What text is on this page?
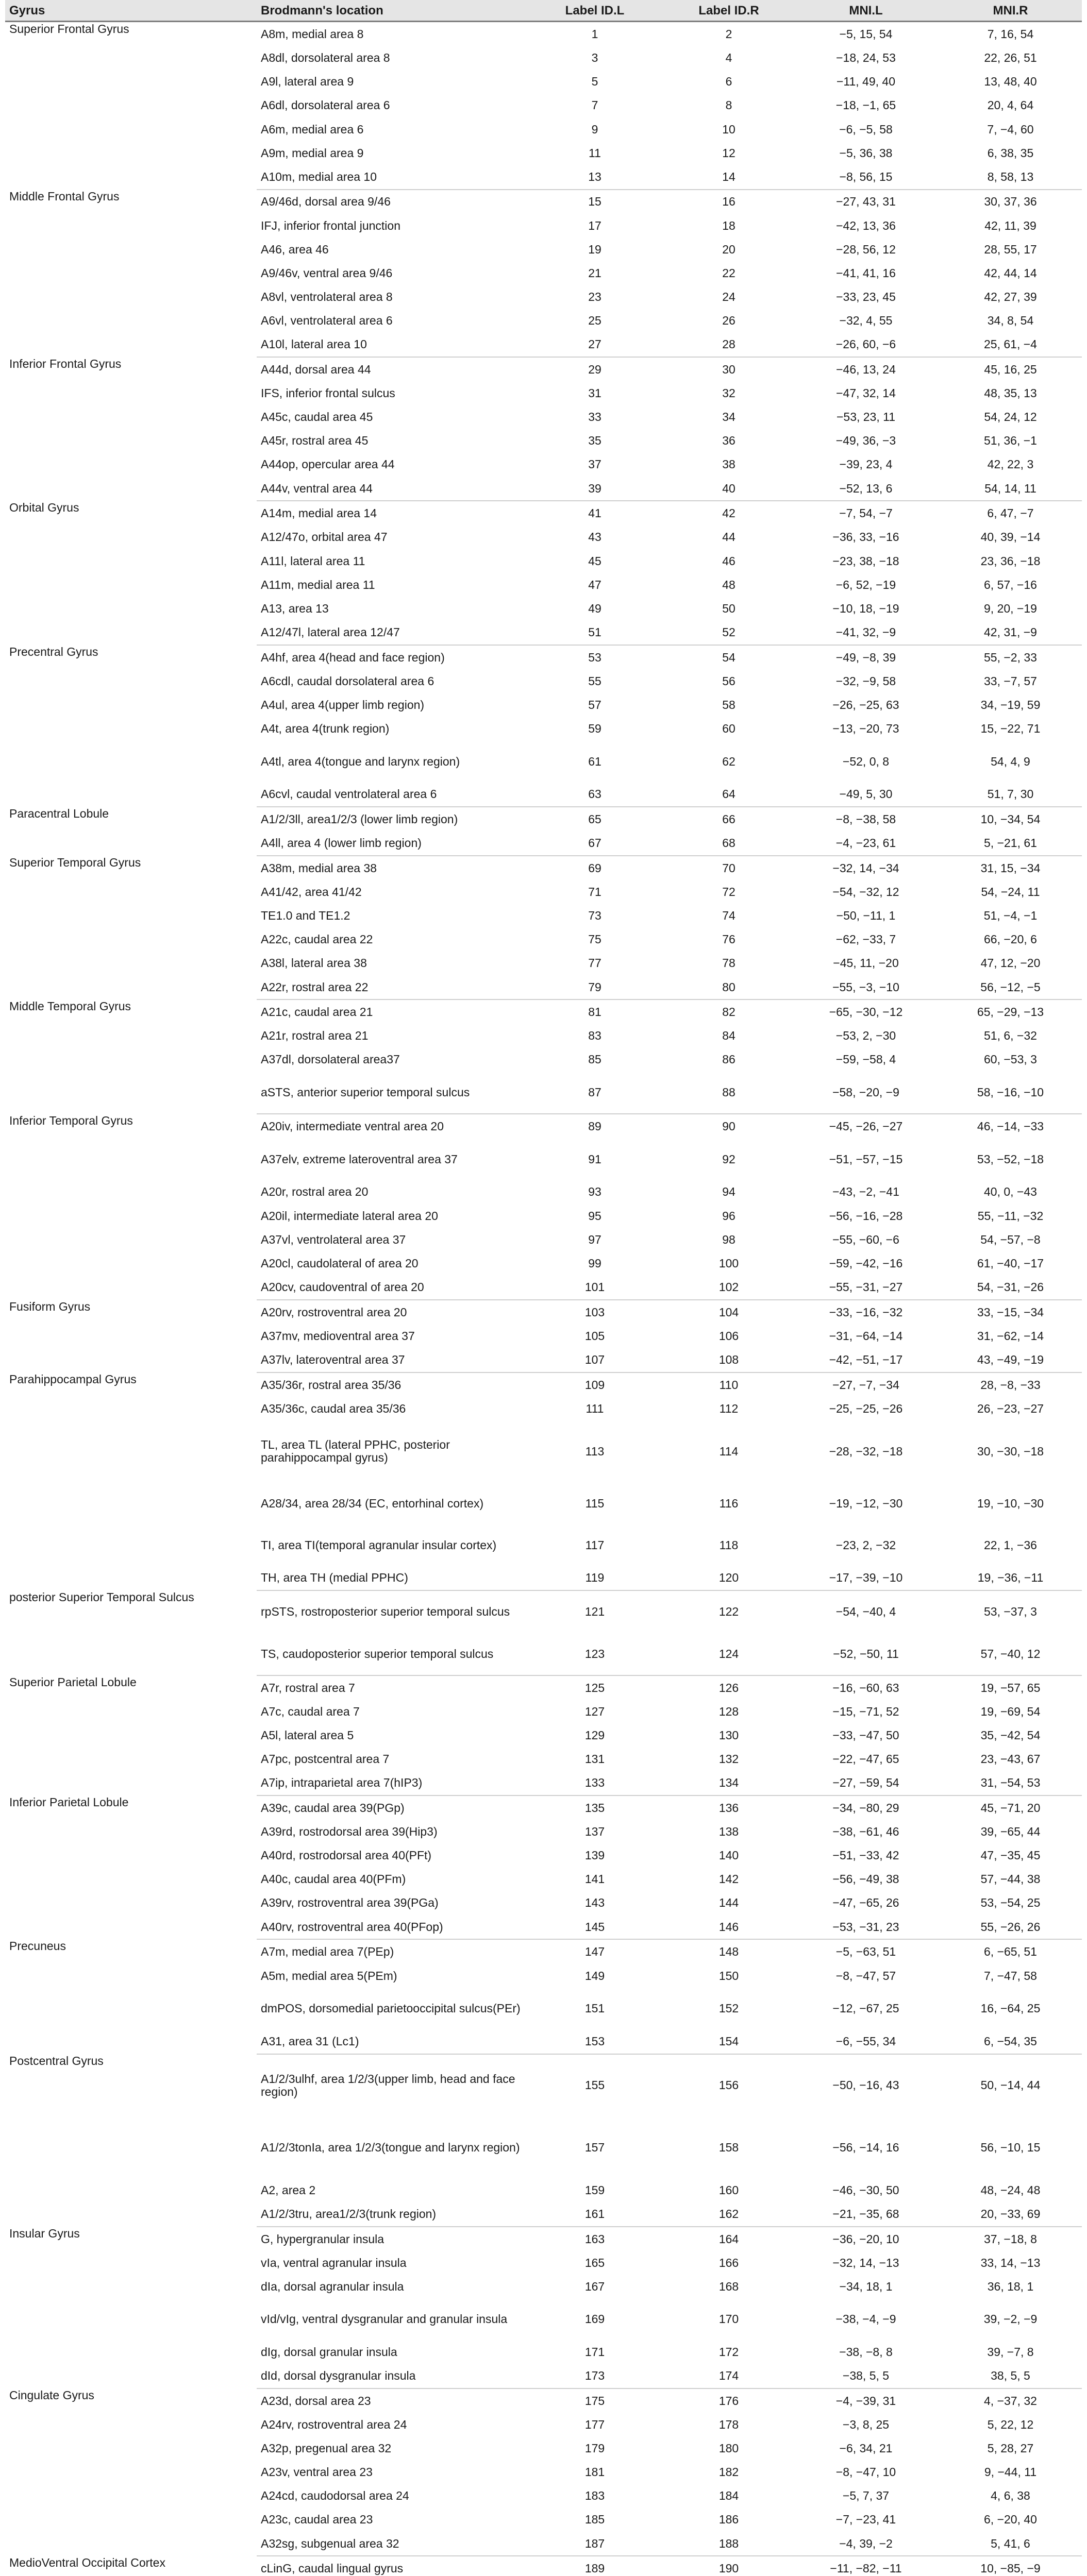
Gyrus	Brodmann's location	Label ID.L	Label ID.R	MNI.L	MNI.R
Superior Frontal Gyrus	A8m, medial area 8	1	2	−5, 15, 54	7, 16, 54
	A8dl, dorsolateral area 8	3	4	−18, 24, 53	22, 26, 51
	A9l, lateral area 9	5	6	−11, 49, 40	13, 48, 40
	A6dl, dorsolateral area 6	7	8	−18, −1, 65	20, 4, 64
	A6m, medial area 6	9	10	−6, −5, 58	7, −4, 60
	A9m, medial area 9	11	12	−5, 36, 38	6, 38, 35
	A10m, medial area 10	13	14	−8, 56, 15	8, 58, 13
Middle Frontal Gyrus	A9/46d, dorsal area 9/46	15	16	−27, 43, 31	30, 37, 36
	IFJ, inferior frontal junction	17	18	−42, 13, 36	42, 11, 39
	A46, area 46	19	20	−28, 56, 12	28, 55, 17
	A9/46v, ventral area 9/46	21	22	−41, 41, 16	42, 44, 14
	A8vl, ventrolateral area 8	23	24	−33, 23, 45	42, 27, 39
	A6vl, ventrolateral area 6	25	26	−32, 4, 55	34, 8, 54
	A10l, lateral area 10	27	28	−26, 60, −6	25, 61, −4
Inferior Frontal Gyrus	A44d, dorsal area 44	29	30	−46, 13, 24	45, 16, 25
	IFS, inferior frontal sulcus	31	32	−47, 32, 14	48, 35, 13
	A45c, caudal area 45	33	34	−53, 23, 11	54, 24, 12
	A45r, rostral area 45	35	36	−49, 36, −3	51, 36, −1
	A44op, opercular area 44	37	38	−39, 23, 4	42, 22, 3
	A44v, ventral area 44	39	40	−52, 13, 6	54, 14, 11
Orbital Gyrus	A14m, medial area 14	41	42	−7, 54, −7	6, 47, −7
	A12/47o, orbital area 47	43	44	−36, 33, −16	40, 39, −14
	A11l, lateral area 11	45	46	−23, 38, −18	23, 36, −18
	A11m, medial area 11	47	48	−6, 52, −19	6, 57, −16
	A13, area 13	49	50	−10, 18, −19	9, 20, −19
	A12/47l, lateral area 12/47	51	52	−41, 32, −9	42, 31, −9
Precentral Gyrus	A4hf, area 4(head and face region)	53	54	−49, −8, 39	55, −2, 33
	A6cdl, caudal dorsolateral area 6	55	56	−32, −9, 58	33, −7, 57
	A4ul, area 4(upper limb region)	57	58	−26, −25, 63	34, −19, 59
	A4t, area 4(trunk region)	59	60	−13, −20, 73	15, −22, 71
	A4tl, area 4(tongue and larynx region)	61	62	−52, 0, 8	54, 4, 9
	A6cvl, caudal ventrolateral area 6	63	64	−49, 5, 30	51, 7, 30
Paracentral Lobule	A1/2/3ll, area1/2/3 (lower limb region)	65	66	−8, −38, 58	10, −34, 54
	A4ll, area 4 (lower limb region)	67	68	−4, −23, 61	5, −21, 61
Superior Temporal Gyrus	A38m, medial area 38	69	70	−32, 14, −34	31, 15, −34
	A41/42, area 41/42	71	72	−54, −32, 12	54, −24, 11
	TE1.0 and TE1.2	73	74	−50, −11, 1	51, −4, −1
	A22c, caudal area 22	75	76	−62, −33, 7	66, −20, 6
	A38l, lateral area 38	77	78	−45, 11, −20	47, 12, −20
	A22r, rostral area 22	79	80	−55, −3, −10	56, −12, −5
Middle Temporal Gyrus	A21c, caudal area 21	81	82	−65, −30, −12	65, −29, −13
	A21r, rostral area 21	83	84	−53, 2, −30	51, 6, −32
	A37dl, dorsolateral area37	85	86	−59, −58, 4	60, −53, 3
	aSTS, anterior superior temporal sulcus	87	88	−58, −20, −9	58, −16, −10
Inferior Temporal Gyrus	A20iv, intermediate ventral area 20	89	90	−45, −26, −27	46, −14, −33
	A37elv, extreme lateroventral area 37	91	92	−51, −57, −15	53, −52, −18
	A20r, rostral area 20	93	94	−43, −2, −41	40, 0, −43
	A20il, intermediate lateral area 20	95	96	−56, −16, −28	55, −11, −32
	A37vl, ventrolateral area 37	97	98	−55, −60, −6	54, −57, −8
	A20cl, caudolateral of area 20	99	100	−59, −42, −16	61, −40, −17
	A20cv, caudoventral of area 20	101	102	−55, −31, −27	54, −31, −26
Fusiform Gyrus	A20rv, rostroventral area 20	103	104	−33, −16, −32	33, −15, −34
	A37mv, medioventral area 37	105	106	−31, −64, −14	31, −62, −14
	A37lv, lateroventral area 37	107	108	−42, −51, −17	43, −49, −19
Parahippocampal Gyrus	A35/36r, rostral area 35/36	109	110	−27, −7, −34	28, −8, −33
	A35/36c, caudal area 35/36	111	112	−25, −25, −26	26, −23, −27
	TL, area TL (lateral PPHC, posterior parahippocampal gyrus)	113	114	−28, −32, −18	30, −30, −18
	A28/34, area 28/34 (EC, entorhinal cortex)	115	116	−19, −12, −30	19, −10, −30
	TI, area TI(temporal agranular insular cortex)	117	118	−23, 2, −32	22, 1, −36
	TH, area TH (medial PPHC)	119	120	−17, −39, −10	19, −36, −11
posterior Superior Temporal Sulcus	rpSTS, rostroposterior superior temporal sulcus	121	122	−54, −40, 4	53, −37, 3
	TS, caudoposterior superior temporal sulcus	123	124	−52, −50, 11	57, −40, 12
Superior Parietal Lobule	A7r, rostral area 7	125	126	−16, −60, 63	19, −57, 65
	A7c, caudal area 7	127	128	−15, −71, 52	19, −69, 54
	A5l, lateral area 5	129	130	−33, −47, 50	35, −42, 54
	A7pc, postcentral area 7	131	132	−22, −47, 65	23, −43, 67
	A7ip, intraparietal area 7(hIP3)	133	134	−27, −59, 54	31, −54, 53
Inferior Parietal Lobule	A39c, caudal area 39(PGp)	135	136	−34, −80, 29	45, −71, 20
	A39rd, rostrodorsal area 39(Hip3)	137	138	−38, −61, 46	39, −65, 44
	A40rd, rostrodorsal area 40(PFt)	139	140	−51, −33, 42	47, −35, 45
	A40c, caudal area 40(PFm)	141	142	−56, −49, 38	57, −44, 38
	A39rv, rostroventral area 39(PGa)	143	144	−47, −65, 26	53, −54, 25
	A40rv, rostroventral area 40(PFop)	145	146	−53, −31, 23	55, −26, 26
Precuneus	A7m, medial area 7(PEp)	147	148	−5, −63, 51	6, −65, 51
	A5m, medial area 5(PEm)	149	150	−8, −47, 57	7, −47, 58
	dmPOS, dorsomedial parietooccipital sulcus(PEr)	151	152	−12, −67, 25	16, −64, 25
	A31, area 31 (Lc1)	153	154	−6, −55, 34	6, −54, 35
Postcentral Gyrus	A1/2/3ulhf, area 1/2/3(upper limb, head and face region)	155	156	−50, −16, 43	50, −14, 44
	A1/2/3tonIa, area 1/2/3(tongue and larynx region)	157	158	−56, −14, 16	56, −10, 15
	A2, area 2	159	160	−46, −30, 50	48, −24, 48
	A1/2/3tru, area1/2/3(trunk region)	161	162	−21, −35, 68	20, −33, 69
Insular Gyrus	G, hypergranular insula	163	164	−36, −20, 10	37, −18, 8
	vIa, ventral agranular insula	165	166	−32, 14, −13	33, 14, −13
	dIa, dorsal agranular insula	167	168	−34, 18, 1	36, 18, 1
	vId/vIg, ventral dysgranular and granular insula	169	170	−38, −4, −9	39, −2, −9
	dIg, dorsal granular insula	171	172	−38, −8, 8	39, −7, 8
	dId, dorsal dysgranular insula	173	174	−38, 5, 5	38, 5, 5
Cingulate Gyrus	A23d, dorsal area 23	175	176	−4, −39, 31	4, −37, 32
	A24rv, rostroventral area 24	177	178	−3, 8, 25	5, 22, 12
	A32p, pregenual area 32	179	180	−6, 34, 21	5, 28, 27
	A23v, ventral area 23	181	182	−8, −47, 10	9, −44, 11
	A24cd, caudodorsal area 24	183	184	−5, 7, 37	4, 6, 38
	A23c, caudal area 23	185	186	−7, −23, 41	6, −20, 40
	A32sg, subgenual area 32	187	188	−4, 39, −2	5, 41, 6
MedioVentral Occipital Cortex	cLinG, caudal lingual gyrus	189	190	−11, −82, −11	10, −85, −9
